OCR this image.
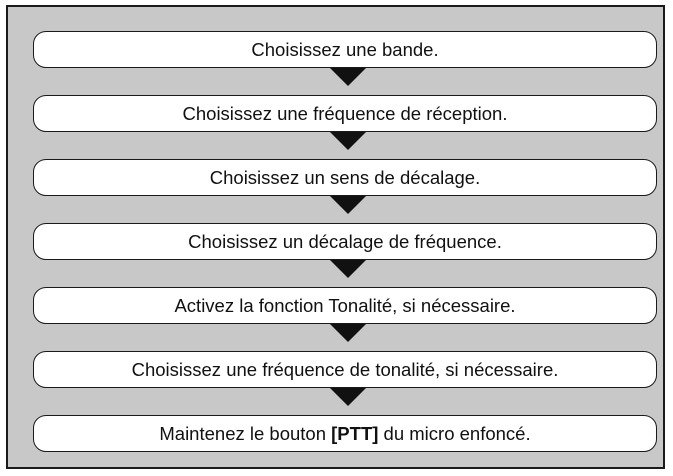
Choisissez une bande.
Choisissez une fréquence de réception.
Choisissez un sens de décalage.
Choisissez un décalage de fréquence.
Activez la fonction Tonalité, si nécessaire.
Choisissez une fréquence de tonalité, si nécessaire.
Maintenez le bouton [PTT] du micro enfoncé.
